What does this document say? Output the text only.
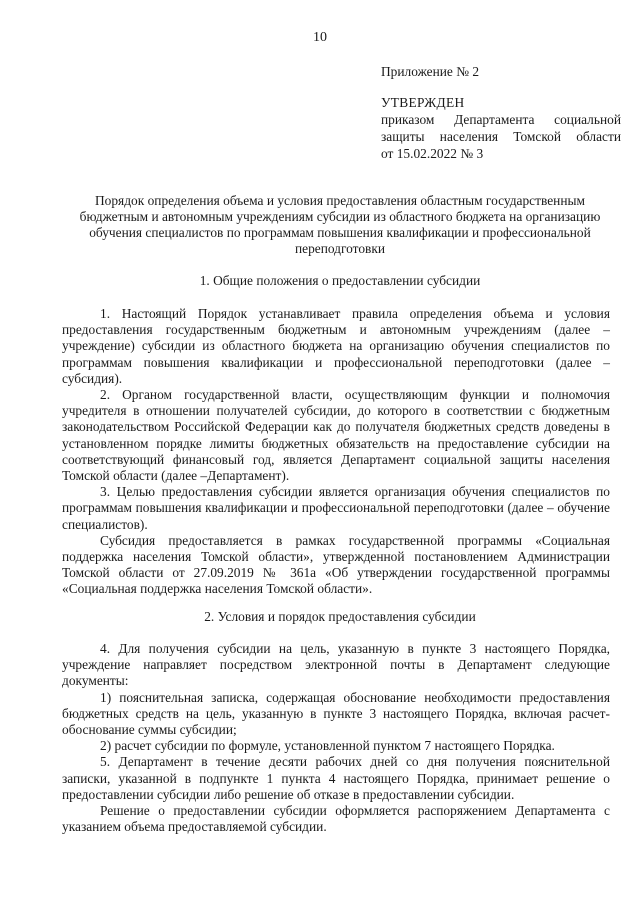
10
Приложение № 2
УТВЕРЖДЕН
приказом Департамента социальной
защиты населения Томской области
от 15.02.2022 № 3
Порядок определения объема и условия предоставления областным государственным бюджетным и автономным учреждениям субсидии из областного бюджета на организацию обучения специалистов по программам повышения квалификации и профессиональной переподготовки
1. Общие положения о предоставлении субсидии

1. Настоящий Порядок устанавливает правила определения объема и условия предоставления государственным бюджетным и автономным учреждениям (далее – учреждение) субсидии из областного бюджета на организацию обучения специалистов по программам повышения квалификации и профессиональной переподготовки (далее – субсидия).

2. Органом государственной власти, осуществляющим функции и полномочия учредителя в отношении получателей субсидии, до которого в соответствии с бюджетным законодательством Российской Федерации как до получателя бюджетных средств доведены в установленном порядке лимиты бюджетных обязательств на предоставление субсидии на соответствующий финансовый год, является Департамент социальной защиты населения Томской области (далее –Департамент).

3. Целью предоставления субсидии является организация обучения специалистов по программам повышения квалификации и профессиональной переподготовки (далее – обучение специалистов).

Субсидия предоставляется в рамках государственной программы «Социальная поддержка населения Томской области», утвержденной постановлением Администрации Томской области от 27.09.2019 № 361а «Об утверждении государственной программы «Социальная поддержка населения Томской области».

2. Условия и порядок предоставления субсидии

4. Для получения субсидии на цель, указанную в пункте 3 настоящего Порядка, учреждение направляет посредством электронной почты в Департамент следующие документы:

1) пояснительная записка, содержащая обоснование необходимости предоставления бюджетных средств на цель, указанную в пункте 3 настоящего Порядка, включая расчет-обоснование суммы субсидии;

2) расчет субсидии по формуле, установленной пунктом 7 настоящего Порядка.

5. Департамент в течение десяти рабочих дней со дня получения пояснительной записки, указанной в подпункте 1 пункта 4 настоящего Порядка, принимает решение о предоставлении субсидии либо решение об отказе в предоставлении субсидии.

Решение о предоставлении субсидии оформляется распоряжением Департамента с указанием объема предоставляемой субсидии.
